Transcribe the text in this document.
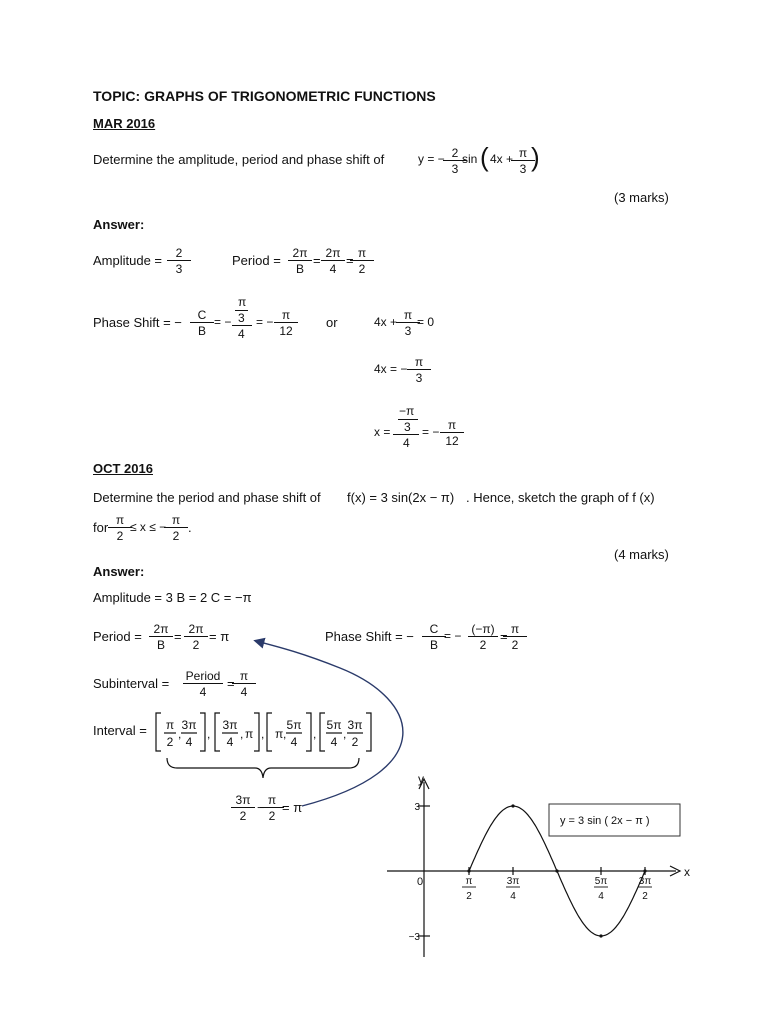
TOPIC: GRAPHS OF TRIGONOMETRIC FUNCTIONS
MAR 2016
Determine the amplitude, period and phase shift of	y = − 2
3
sin ( 4x + π
3 )
(3 marks)
Answer:
Amplitude =	2
3
Period = 2π
B
= 2π
4
= π
2
Phase Shift = −	C
B
= −
π
3
4
= − π
12
or	4x + π
3
= 0
4x = − π
3
x =
−π
3
4
= − π
12
OCT 2016
Determine the period and phase shift of f(x) = 3 sin(2x − π) . Hence, sketch the graph of f (x)
for π
2
≤ x ≤ − π
2
.
(4 marks)
Answer:
Amplitude = 3 B = 2 C = −π
Period = 2π
B
= 2π
2
= π	Phase Shift = −	C
B
= − (−π)
2
= π
2
Subinterval =	Period
4
= π
4
Interval = π
2
,
3π
4
,
3π
4
, π , π ,
5π
4
,
5π
4
,
3π
2
3π
2
− π
2
= π
y
x
0
y = 3 sin ( 2x − π )
3
−3
π
2
3π
4
5π
4
3π
2
